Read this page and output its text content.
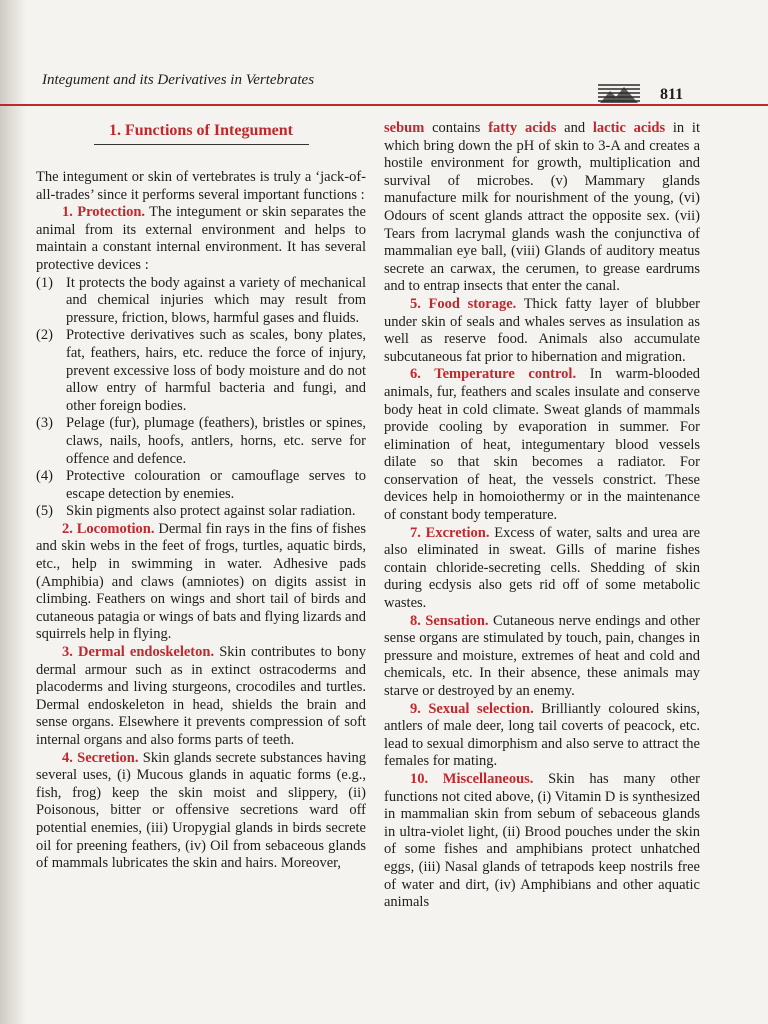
Integument and its Derivatives in Vertebrates
811
1. Functions of Integument

The integument or skin of vertebrates is truly a ‘jack-of-all-trades’ since it performs several important functions :

1. Protection. The integument or skin separates the animal from its external environment and helps to maintain a constant internal environment. It has several protective devices :

(1) It protects the body against a variety of mechanical and chemical injuries which may result from pressure, friction, blows, harmful gases and fluids.
(2) Protective derivatives such as scales, bony plates, fat, feathers, hairs, etc. reduce the force of injury, prevent excessive loss of body moisture and do not allow entry of harmful bacteria and fungi, and other foreign bodies.
(3) Pelage (fur), plumage (feathers), bristles or spines, claws, nails, hoofs, antlers, horns, etc. serve for offence and defence.
(4) Protective colouration or camouflage serves to escape detection by enemies.
(5) Skin pigments also protect against solar radiation.

2. Locomotion. Dermal fin rays in the fins of fishes and skin webs in the feet of frogs, turtles, aquatic birds, etc., help in swimming in water. Adhesive pads (Amphibia) and claws (amniotes) on digits assist in climbing. Feathers on wings and short tail of birds and cutaneous patagia or wings of bats and flying lizards and squirrels help in flying.

3. Dermal endoskeleton. Skin contributes to bony dermal armour such as in extinct ostracoderms and placoderms and living sturgeons, crocodiles and turtles. Dermal endoskeleton in head, shields the brain and sense organs. Elsewhere it prevents compression of soft internal organs and also forms parts of teeth.

4. Secretion. Skin glands secrete substances having several uses, (i) Mucous glands in aquatic forms (e.g., fish, frog) keep the skin moist and slippery, (ii) Poisonous, bitter or offensive secretions ward off potential enemies, (iii) Uropygial glands in birds secrete oil for preening feathers, (iv) Oil from sebaceous glands of mammals lubricates the skin and hairs. Moreover,

sebum contains fatty acids and lactic acids in it which bring down the pH of skin to 3-A and creates a hostile environment for growth, multiplication and survival of microbes. (v) Mammary glands manufacture milk for nourishment of the young, (vi) Odours of scent glands attract the opposite sex. (vii) Tears from lacrymal glands wash the conjunctiva of mammalian eye ball, (viii) Glands of auditory meatus secrete an carwax, the cerumen, to grease eardrums and to entrap insects that enter the canal.

5. Food storage. Thick fatty layer of blubber under skin of seals and whales serves as insulation as well as reserve food. Animals also accumulate subcutaneous fat prior to hibernation and migration.

6. Temperature control. In warm-blooded animals, fur, feathers and scales insulate and conserve body heat in cold climate. Sweat glands of mammals provide cooling by evaporation in summer. For elimination of heat, integumentary blood vessels dilate so that skin becomes a radiator. For conservation of heat, the vessels constrict. These devices help in homoiothermy or in the maintenance of constant body temperature.

7. Excretion. Excess of water, salts and urea are also eliminated in sweat. Gills of marine fishes contain chloride-secreting cells. Shedding of skin during ecdysis also gets rid off of some metabolic wastes.

8. Sensation. Cutaneous nerve endings and other sense organs are stimulated by touch, pain, changes in pressure and moisture, extremes of heat and cold and chemicals, etc. In their absence, these animals may starve or destroyed by an enemy.

9. Sexual selection. Brilliantly coloured skins, antlers of male deer, long tail coverts of peacock, etc. lead to sexual dimorphism and also serve to attract the females for mating.

10. Miscellaneous. Skin has many other functions not cited above, (i) Vitamin D is synthesized in mammalian skin from sebum of sebaceous glands in ultra-violet light, (ii) Brood pouches under the skin of some fishes and amphibians protect unhatched eggs, (iii) Nasal glands of tetrapods keep nostrils free of water and dirt, (iv) Amphibians and other aquatic animals
